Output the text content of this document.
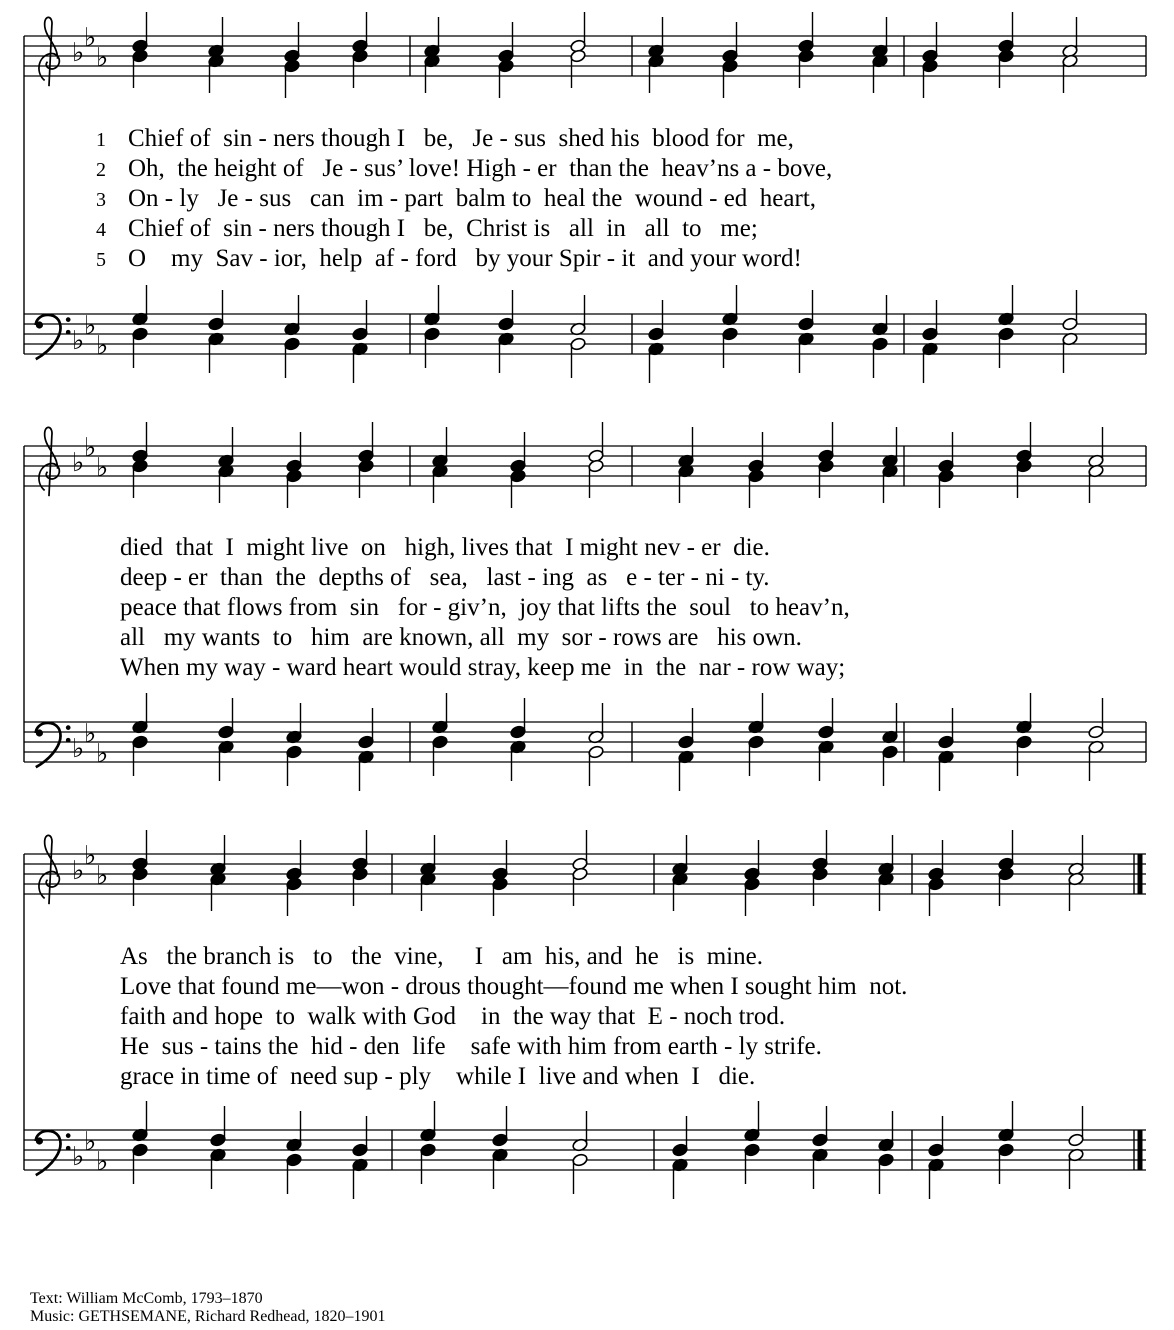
♭ ♭
♭
♭ ♭
♭
♭ ♭
♭
♭ ♭
♭
♭ ♭
♭
♭ ♭
♭
1 Chief of  sin - ners though I   be,   Je - sus  shed his  blood for  me,
2 Oh,  the height of   Je - sus’ love! High - er  than the  heav’ns a - bove,
3 On - ly   Je - sus   can  im - part  balm to  heal the  wound - ed  heart,
4 Chief of  sin - ners though I   be,  Christ is   all  in   all  to   me;
5 O    my  Sav - ior,  help  af - ford   by your Spir - it  and your word!
died  that  I  might live  on   high, lives that  I might nev - er  die.
deep - er  than  the  depths of   sea,   last - ing  as   e - ter - ni - ty.
peace that flows from  sin   for - giv’n,  joy that lifts the  soul   to heav’n,
all   my wants  to   him  are known, all  my  sor - rows are   his own.
When my way - ward heart would stray, keep me  in  the  nar - row way;
As   the branch is   to   the  vine,     I   am  his, and  he   is  mine.
Love that found me—won - drous thought—found me when I sought him  not.
faith and hope  to  walk with God    in  the way that  E - noch trod.
He  sus - tains the  hid - den  life    safe with him from earth - ly strife.
grace in time of  need sup - ply    while I  live and when  I   die.
Text: William McComb, 1793–1870
Music: GETHSEMANE, Richard Redhead, 1820–1901
